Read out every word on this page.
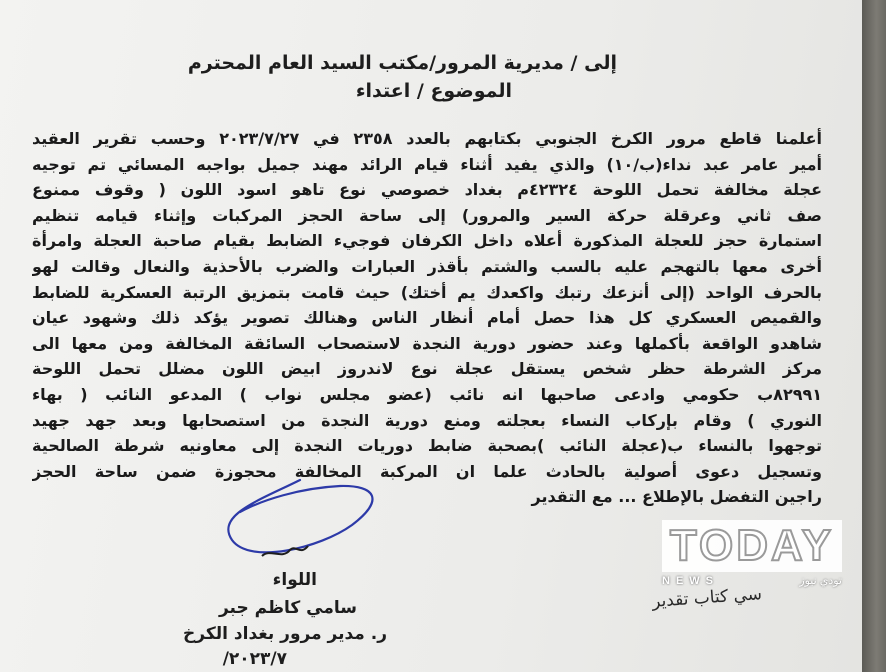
إلى / مديرية المرور/مكتب السيد العام المحترم
الموضوع / اعتداء
أعلمنا قاطع مرور الكرخ الجنوبي بكتابهم بالعدد ٢٣٥٨ في ٢٠٢٣/٧/٢٧ وحسب تقرير العقيد
أمير عامر عبد نداء(ب/١٠) والذي يفيد أثناء قيام الرائد مهند جميل بواجبه المسائي تم توجيه
عجلة مخالفة تحمل اللوحة ٤٢٣٢٤م بغداد خصوصي نوع تاهو اسود اللون ( وقوف ممنوع
صف ثاني وعرقلة حركة السير والمرور) إلى ساحة الحجز المركبات وإثناء قيامه تنظيم
استمارة حجز للعجلة المذكورة أعلاه داخل الكرفان فوجيء الضابط بقيام صاحبة العجلة وامرأة
أخرى معها بالتهجم عليه بالسب والشتم بأقذر العبارات والضرب بالأحذية والنعال وقالت لهو
بالحرف الواحد (إلى أنزعك رتبك واكعدك يم أختك) حيث قامت بتمزيق الرتبة العسكرية للضابط
والقميص العسكري كل هذا حصل أمام أنظار الناس وهنالك تصوير يؤكد ذلك وشهود عيان
شاهدو الواقعة بأكملها وعند حضور دورية النجدة لاستصحاب السائقة المخالفة ومن معها الى
مركز الشرطة حظر شخص يستقل عجلة نوع لاندروز ابيض اللون مضلل تحمل اللوحة
٨٢٩٩١ب حكومي وادعى صاحبها انه نائب (عضو مجلس نواب ) المدعو النائب ( بهاء
النوري ) وقام بإركاب النساء بعجلته ومنع دورية النجدة من استصحابها وبعد جهد جهيد
توجهوا بالنساء ب(عجلة النائب )بصحبة ضابط دوريات النجدة إلى معاونيه شرطة الصالحية
وتسجيل دعوى أصولية بالحادث علما ان المركبة المخالفة محجوزة ضمن ساحة الحجز
راجين التفضل بالإطلاع ... مع التقدير
اللواء
سامي كاظم جبر
ر. مدير مرور بغداد الكرخ
٢٠٢٣/٧/
سي كتاب تقدير
TODAY
NEWS	تودي نيوز
